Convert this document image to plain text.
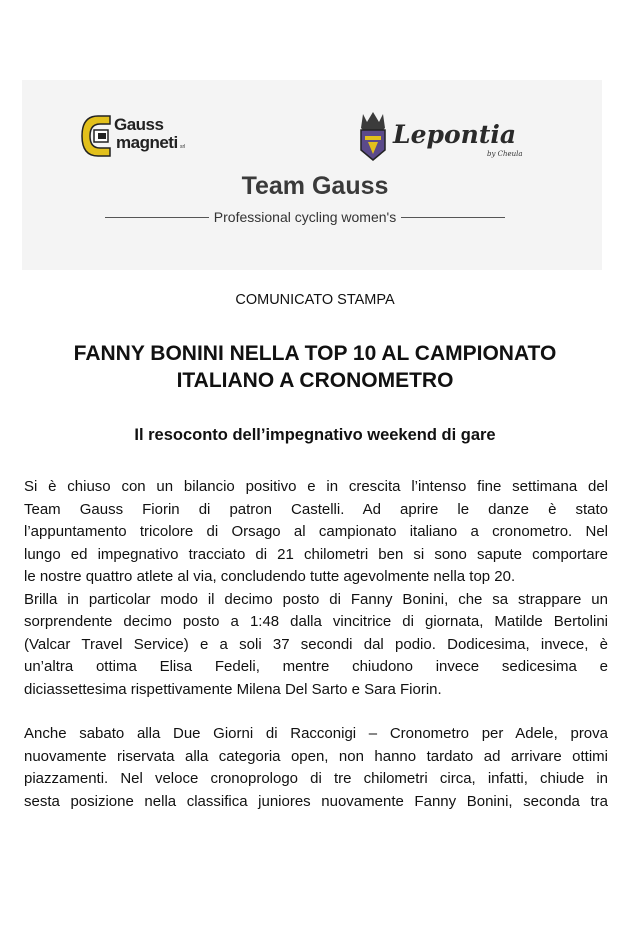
Gauss
magneti srl	Lepontia
by Cheula
Team Gauss
Professional cycling women's
COMUNICATO STAMPA
FANNY BONINI NELLA TOP 10 AL CAMPIONATO
ITALIANO A CRONOMETRO
Il resoconto dell’impegnativo weekend di gare

Si è chiuso con un bilancio positivo e in crescita l’intenso fine settimana del
Team Gauss Fiorin di patron Castelli. Ad aprire le danze è stato
l’appuntamento tricolore di Orsago al campionato italiano a cronometro. Nel
lungo ed impegnativo tracciato di 21 chilometri ben si sono sapute comportare
le nostre quattro atlete al via, concludendo tutte agevolmente nella top 20.

Brilla in particolar modo il decimo posto di Fanny Bonini, che sa strappare un
sorprendente decimo posto a 1:48 dalla vincitrice di giornata, Matilde Bertolini
(Valcar Travel Service) e a soli 37 secondi dal podio. Dodicesima, invece, è
un’altra ottima Elisa Fedeli, mentre chiudono invece sedicesima e
diciassettesima rispettivamente Milena Del Sarto e Sara Fiorin.

Anche sabato alla Due Giorni di Racconigi – Cronometro per Adele, prova
nuovamente riservata alla categoria open, non hanno tardato ad arrivare ottimi
piazzamenti. Nel veloce cronoprologo di tre chilometri circa, infatti, chiude in
sesta posizione nella classifica juniores nuovamente Fanny Bonini, seconda tra
